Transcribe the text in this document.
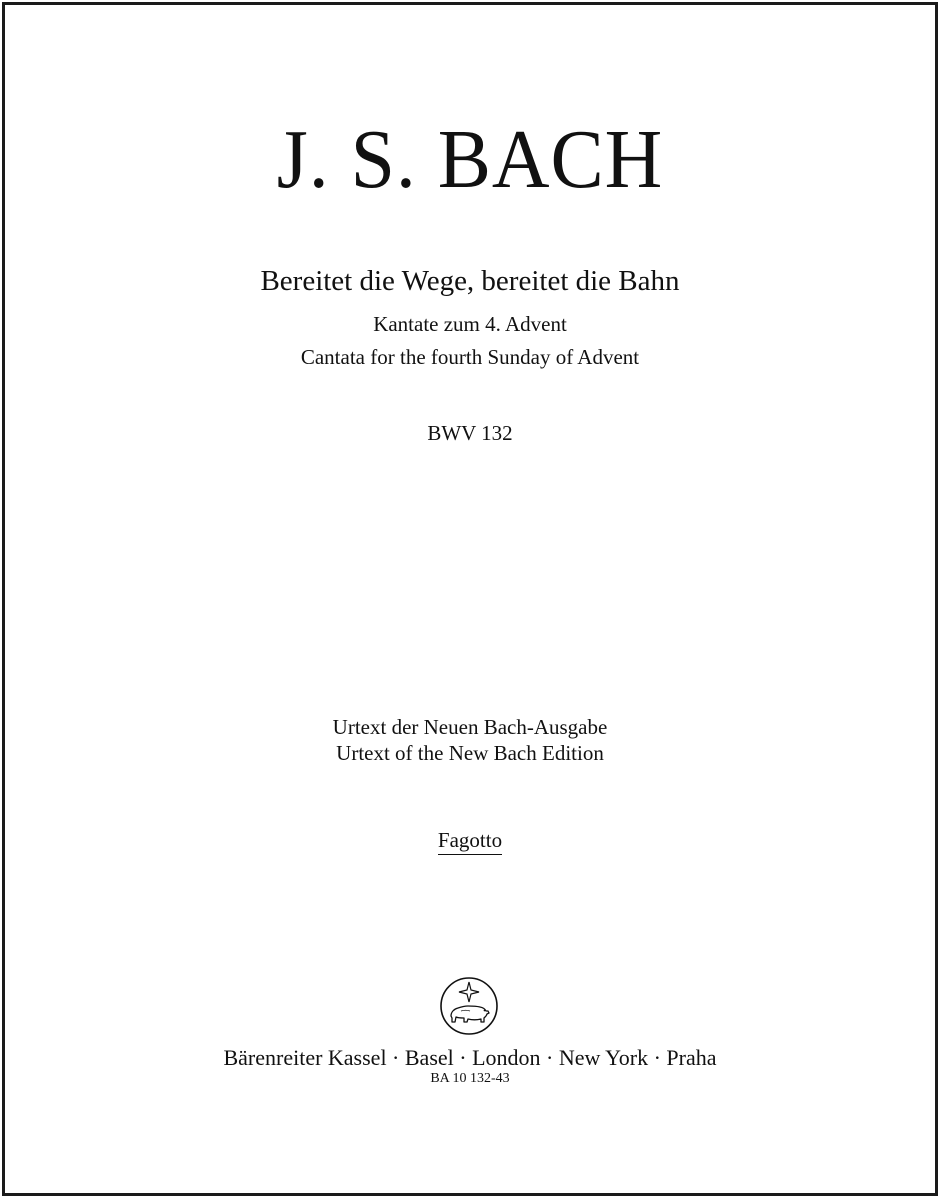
J. S. BACH
Bereitet die Wege, bereitet die Bahn
Kantate zum 4. Advent
Cantata for the fourth Sunday of Advent
BWV 132
Urtext der Neuen Bach-Ausgabe
Urtext of the New Bach Edition
Fagotto
Bärenreiter Kassel · Basel · London · New York · Praha
BA 10 132-43
